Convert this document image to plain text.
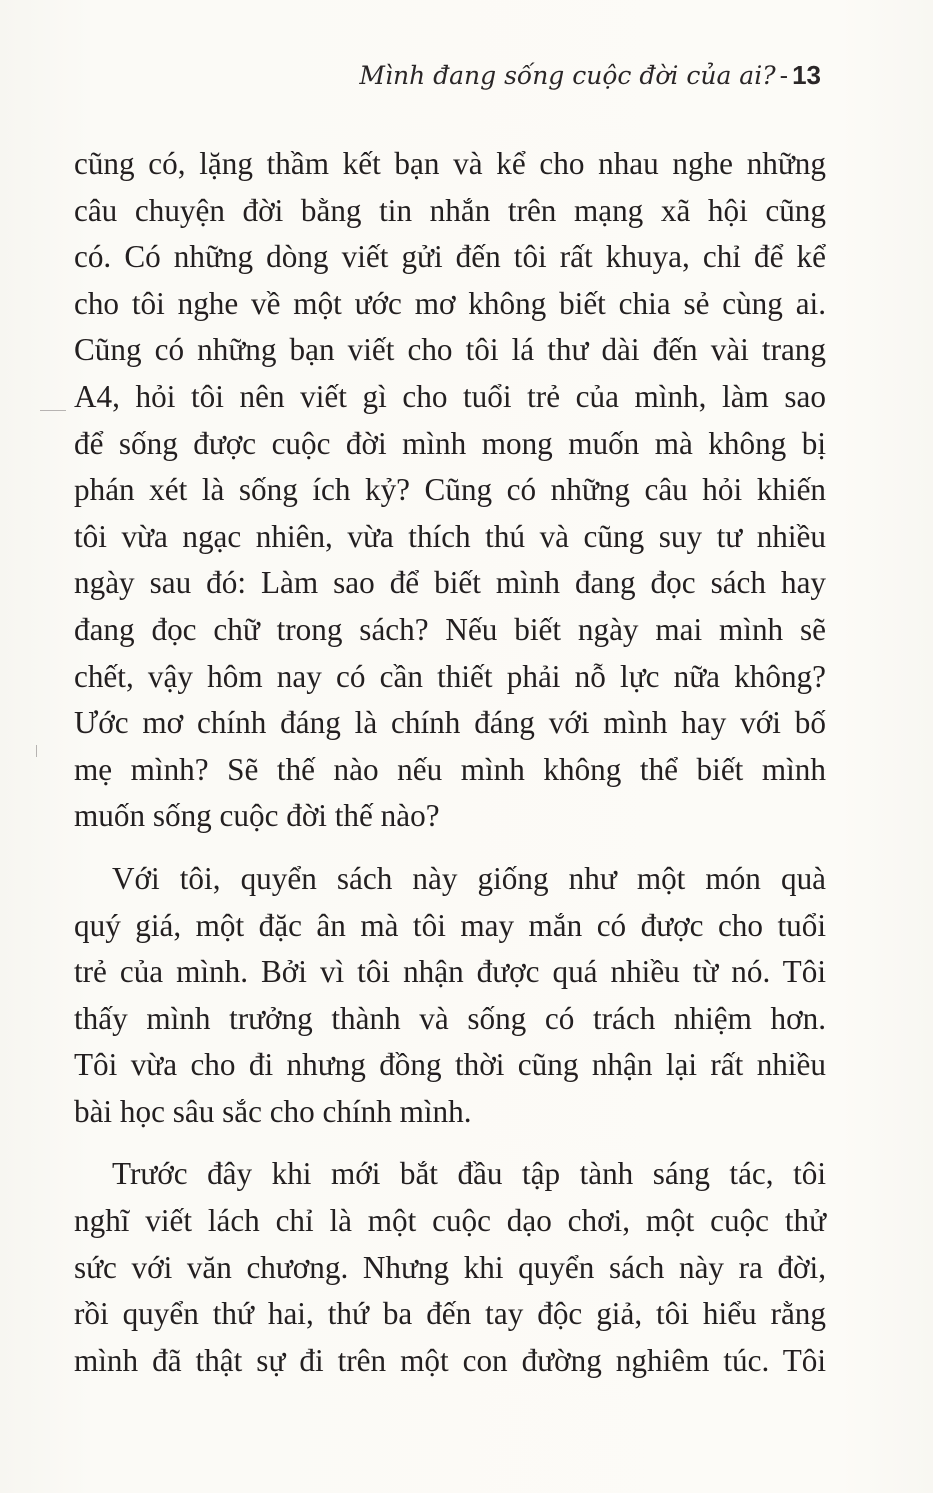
Mình đang sống cuộc đời của ai? - 13
cũng có, lặng thầm kết bạn và kể cho nhau nghe những
câu chuyện đời bằng tin nhắn trên mạng xã hội cũng
có. Có những dòng viết gửi đến tôi rất khuya, chỉ để kể
cho tôi nghe về một ước mơ không biết chia sẻ cùng ai.
Cũng có những bạn viết cho tôi lá thư dài đến vài trang
A4, hỏi tôi nên viết gì cho tuổi trẻ của mình, làm sao
để sống được cuộc đời mình mong muốn mà không bị
phán xét là sống ích kỷ? Cũng có những câu hỏi khiến
tôi vừa ngạc nhiên, vừa thích thú và cũng suy tư nhiều
ngày sau đó: Làm sao để biết mình đang đọc sách hay
đang đọc chữ trong sách? Nếu biết ngày mai mình sẽ
chết, vậy hôm nay có cần thiết phải nỗ lực nữa không?
Ước mơ chính đáng là chính đáng với mình hay với bố
mẹ mình? Sẽ thế nào nếu mình không thể biết mình
muốn sống cuộc đời thế nào?
Với tôi, quyển sách này giống như một món quà
quý giá, một đặc ân mà tôi may mắn có được cho tuổi
trẻ của mình. Bởi vì tôi nhận được quá nhiều từ nó. Tôi
thấy mình trưởng thành và sống có trách nhiệm hơn.
Tôi vừa cho đi nhưng đồng thời cũng nhận lại rất nhiều
bài học sâu sắc cho chính mình.
Trước đây khi mới bắt đầu tập tành sáng tác, tôi
nghĩ viết lách chỉ là một cuộc dạo chơi, một cuộc thử
sức với văn chương. Nhưng khi quyển sách này ra đời,
rồi quyển thứ hai, thứ ba đến tay độc giả, tôi hiểu rằng
mình đã thật sự đi trên một con đường nghiêm túc. Tôi
